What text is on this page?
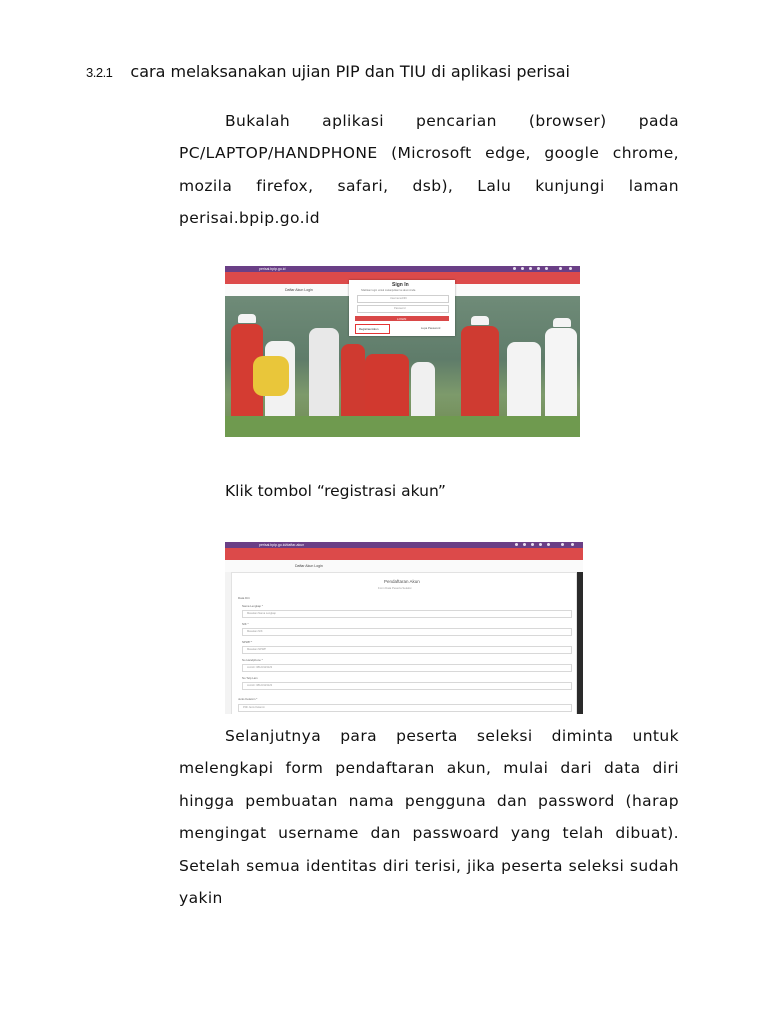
3.2.1 cara melaksanakan ujian PIP dan TIU di aplikasi perisai
Bukalah aplikasi pencarian (browser) pada PC/LAPTOP/HANDPHONE (Microsoft edge, google chrome, mozila firefox, safari, dsb), Lalu kunjungi laman perisai.bpip.go.id
perisai.bpip.go.id
Daftar Akun Login
Sign In
Silahkan login untuk melanjutkan ke akun Anda
Username/NIK
Password
LOGIN
Registrasi Akun	Lupa Password
Klik tombol “registrasi akun”
perisai.bpip.go.id/daftar-akun
Daftar Akun Login
Pendaftaran Akun
Form Data Peserta Seleksi
Data Diri
Nama Lengkap *
Masukan Nama Lengkap
NIK *
Masukan NIK
NPWP *
Masukan NPWP
No Handphone *
contoh: 08123123123
No Telp Lain
contoh: 08123123123
Jenis Kelamin *
Pilih Jenis Kelamin
Selanjutnya para peserta seleksi diminta untuk melengkapi form pendaftaran akun, mulai dari data diri hingga pembuatan nama pengguna dan password (harap mengingat username dan passwoard yang telah dibuat). Setelah semua identitas diri terisi, jika peserta seleksi sudah yakin
